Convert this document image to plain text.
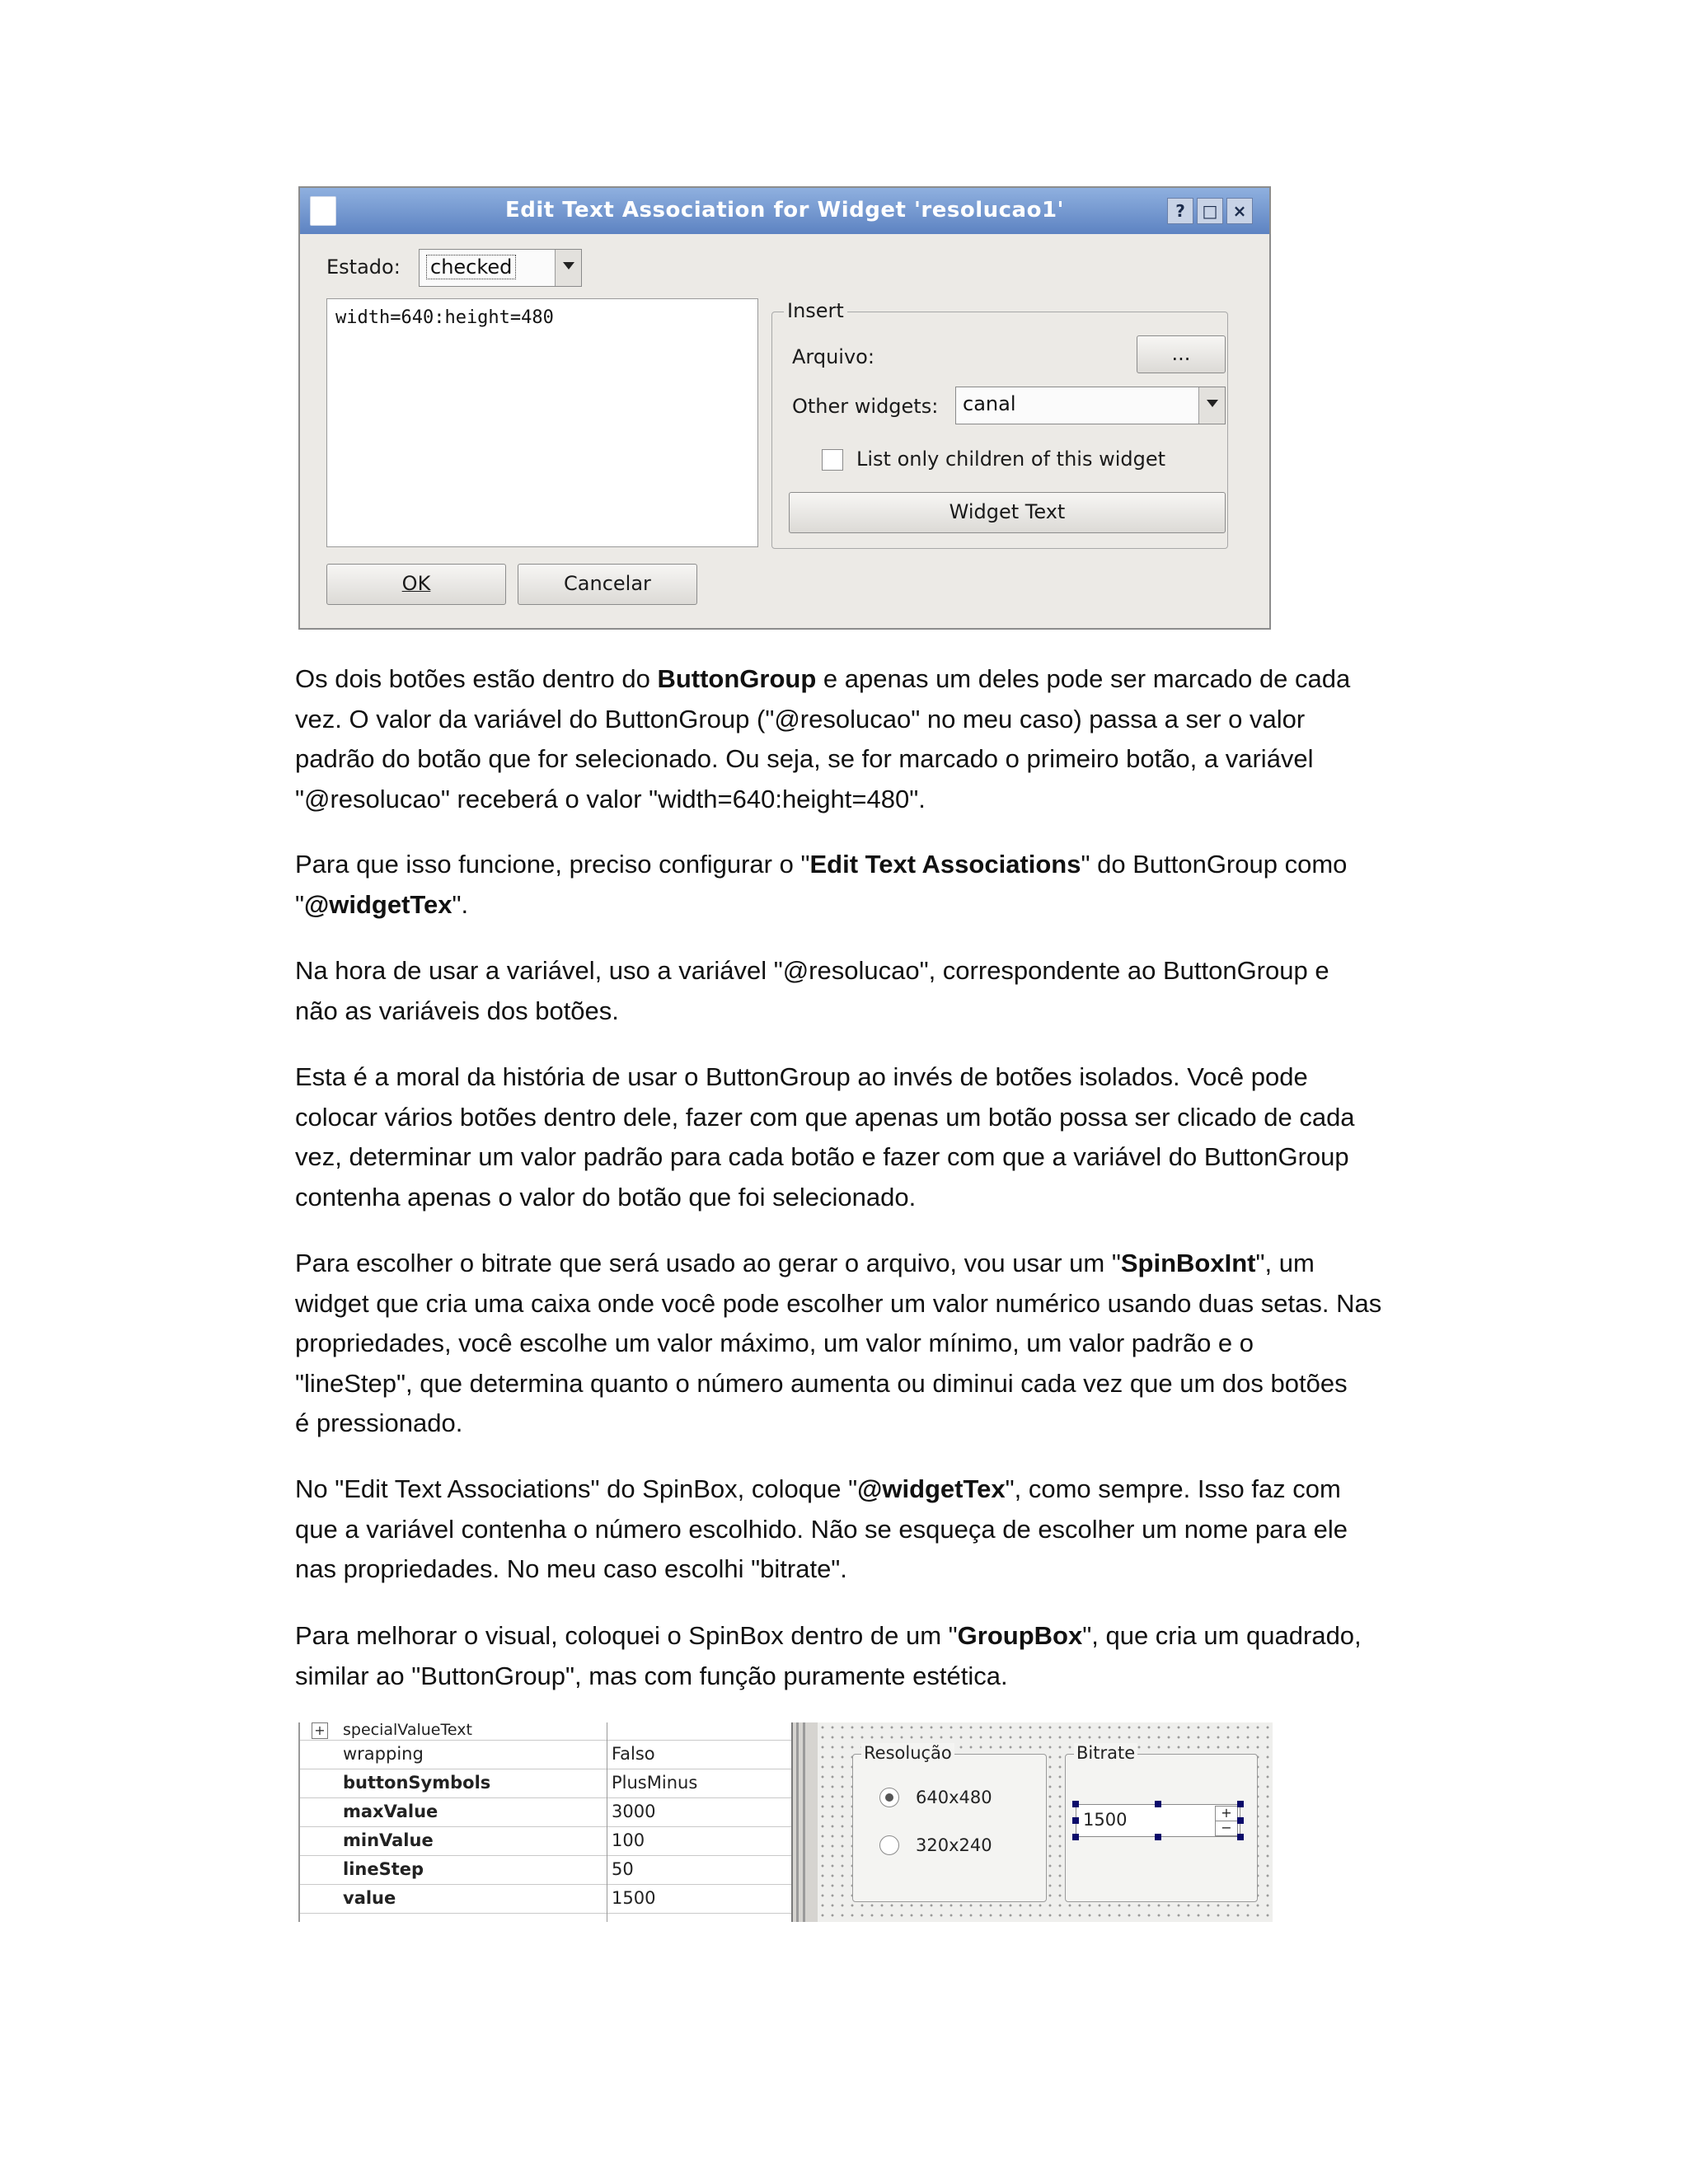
Edit Text Association for Widget 'resolucao1'	?	□ ×
Estado: checked
width=640:height=480	Insert
Arquivo:	...
Other widgets: canal
List only children of this widget
Widget Text
OK	Cancelar

Os dois botões estão dentro do ButtonGroup e apenas um deles pode ser marcado de cada

vez. O valor da variável do ButtonGroup ("@resolucao" no meu caso) passa a ser o valor

padrão do botão que for selecionado. Ou seja, se for marcado o primeiro botão, a variável

"@resolucao" receberá o valor "width=640:height=480".

Para que isso funcione, preciso configurar o "Edit Text Associations" do ButtonGroup como

"@widgetTex".

Na hora de usar a variável, uso a variável "@resolucao", correspondente ao ButtonGroup e

não as variáveis dos botões.

Esta é a moral da história de usar o ButtonGroup ao invés de botões isolados. Você pode

colocar vários botões dentro dele, fazer com que apenas um botão possa ser clicado de cada

vez, determinar um valor padrão para cada botão e fazer com que a variável do ButtonGroup

contenha apenas o valor do botão que foi selecionado.

Para escolher o bitrate que será usado ao gerar o arquivo, vou usar um "SpinBoxInt", um

widget que cria uma caixa onde você pode escolher um valor numérico usando duas setas. Nas

propriedades, você escolhe um valor máximo, um valor mínimo, um valor padrão e o

"lineStep", que determina quanto o número aumenta ou diminui cada vez que um dos botões

é pressionado.

No "Edit Text Associations" do SpinBox, coloque "@widgetTex", como sempre. Isso faz com

que a variável contenha o número escolhido. Não se esqueça de escolher um nome para ele

nas propriedades. No meu caso escolhi "bitrate".

Para melhorar o visual, coloquei o SpinBox dentro de um "GroupBox", que cria um quadrado,

similar ao "ButtonGroup", mas com função puramente estética.

+ specialValueText
wrapping	Falso
buttonSymbols	PlusMinus
maxValue	3000
minValue	100
lineStep	50
value	1500
Resolução
640x480
320x240
Bitrate
1500	+
−
